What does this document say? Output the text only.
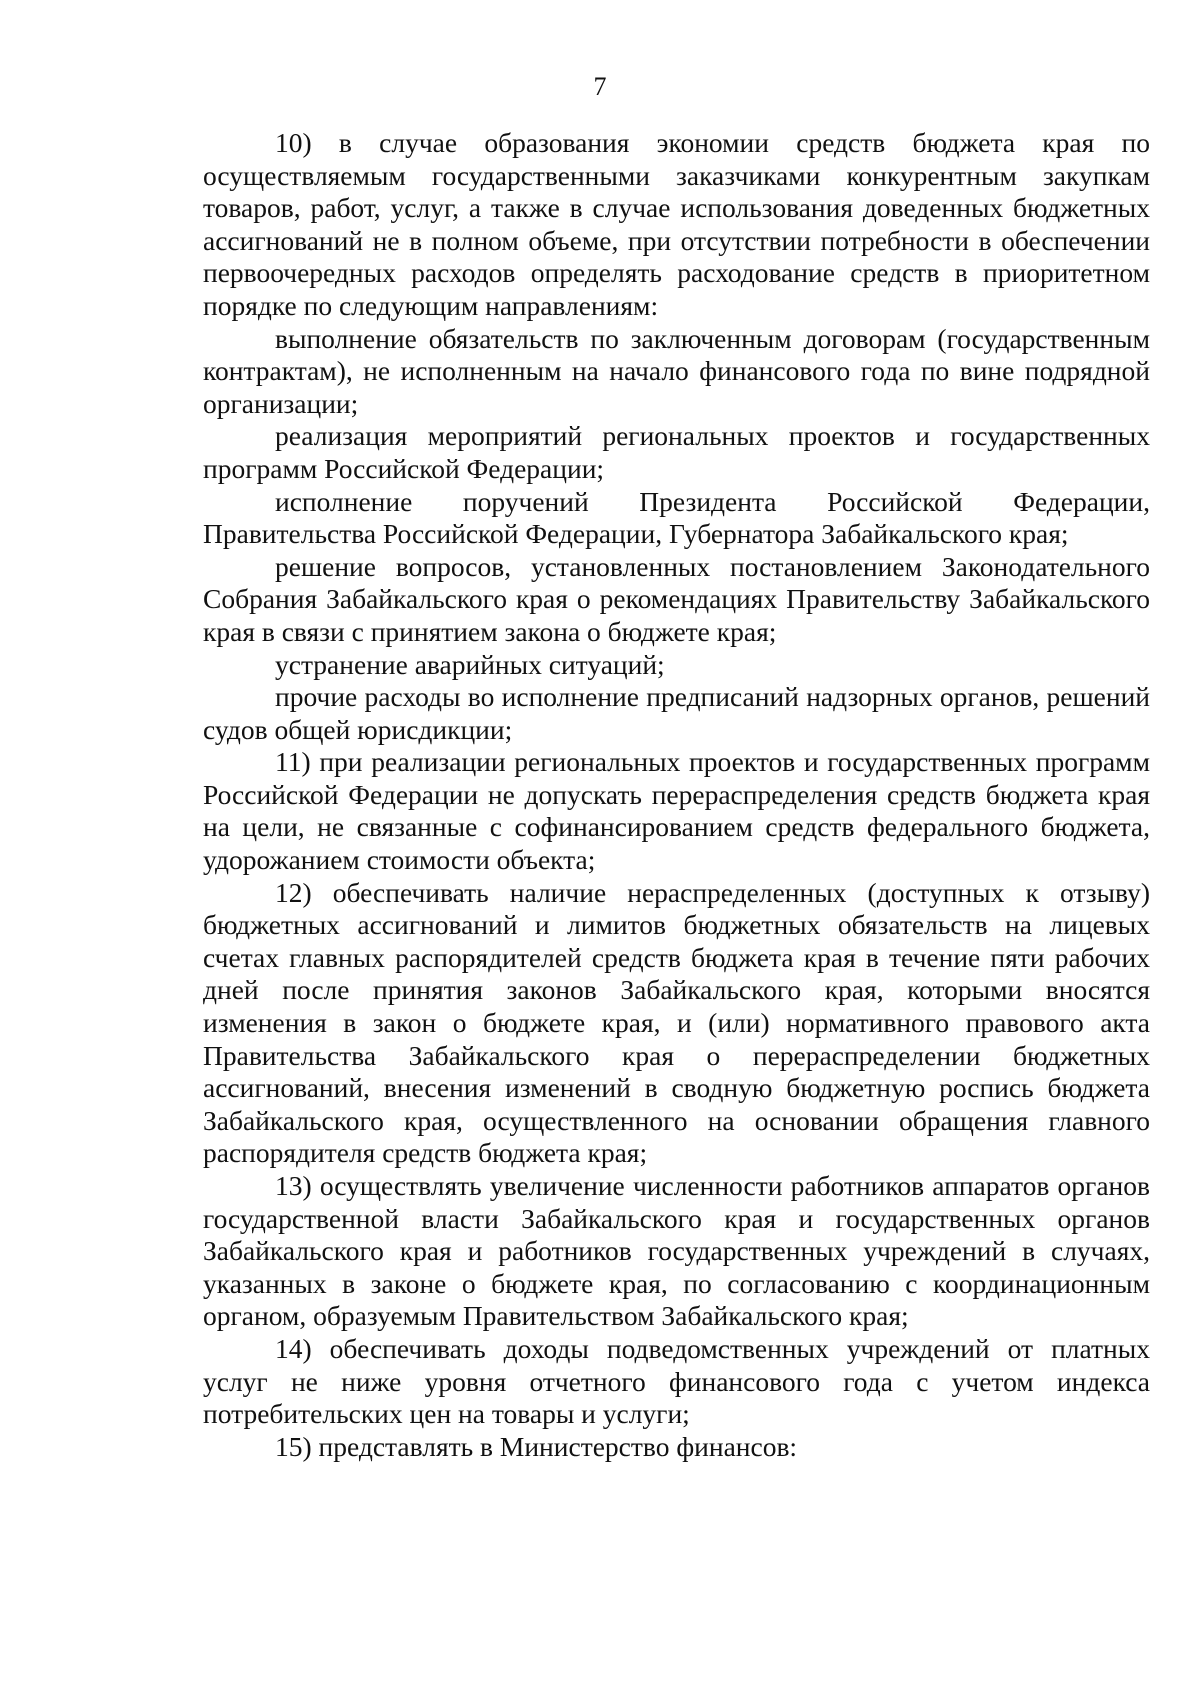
7

10) в случае образования экономии средств бюджета края по осуществляемым государственными заказчиками конкурентным закупкам товаров, работ, услуг, а также в случае использования доведенных бюджетных ассигнований не в полном объеме, при отсутствии потребности в обеспечении первоочередных расходов определять расходование средств в приоритетном порядке по следующим направлениям:

выполнение обязательств по заключенным договорам (государственным контрактам), не исполненным на начало финансового года по вине подрядной организации;

реализация мероприятий региональных проектов и государственных программ Российской Федерации;

исполнение поручений Президента Российской Федерации, Правительства Российской Федерации, Губернатора Забайкальского края;

решение вопросов, установленных постановлением Законодательного Собрания Забайкальского края о рекомендациях Правительству Забайкальского края в связи с принятием закона о бюджете края;

устранение аварийных ситуаций;

прочие расходы во исполнение предписаний надзорных органов, решений судов общей юрисдикции;

11) при реализации региональных проектов и государственных программ Российской Федерации не допускать перераспределения средств бюджета края на цели, не связанные с софинансированием средств федерального бюджета, удорожанием стоимости объекта;

12) обеспечивать наличие нераспределенных (доступных к отзыву) бюджетных ассигнований и лимитов бюджетных обязательств на лицевых счетах главных распорядителей средств бюджета края в течение пяти рабочих дней после принятия законов Забайкальского края, которыми вносятся изменения в закон о бюджете края, и (или) нормативного правового акта Правительства Забайкальского края о перераспределении бюджетных ассигнований, внесения изменений в сводную бюджетную роспись бюджета Забайкальского края, осуществленного на основании обращения главного распорядителя средств бюджета края;

13) осуществлять увеличение численности работников аппаратов органов государственной власти Забайкальского края и государственных органов Забайкальского края и работников государственных учреждений в случаях, указанных в законе о бюджете края, по согласованию с координационным органом, образуемым Правительством Забайкальского края;

14) обеспечивать доходы подведомственных учреждений от платных услуг не ниже уровня отчетного финансового года с учетом индекса потребительских цен на товары и услуги;

15) представлять в Министерство финансов:
